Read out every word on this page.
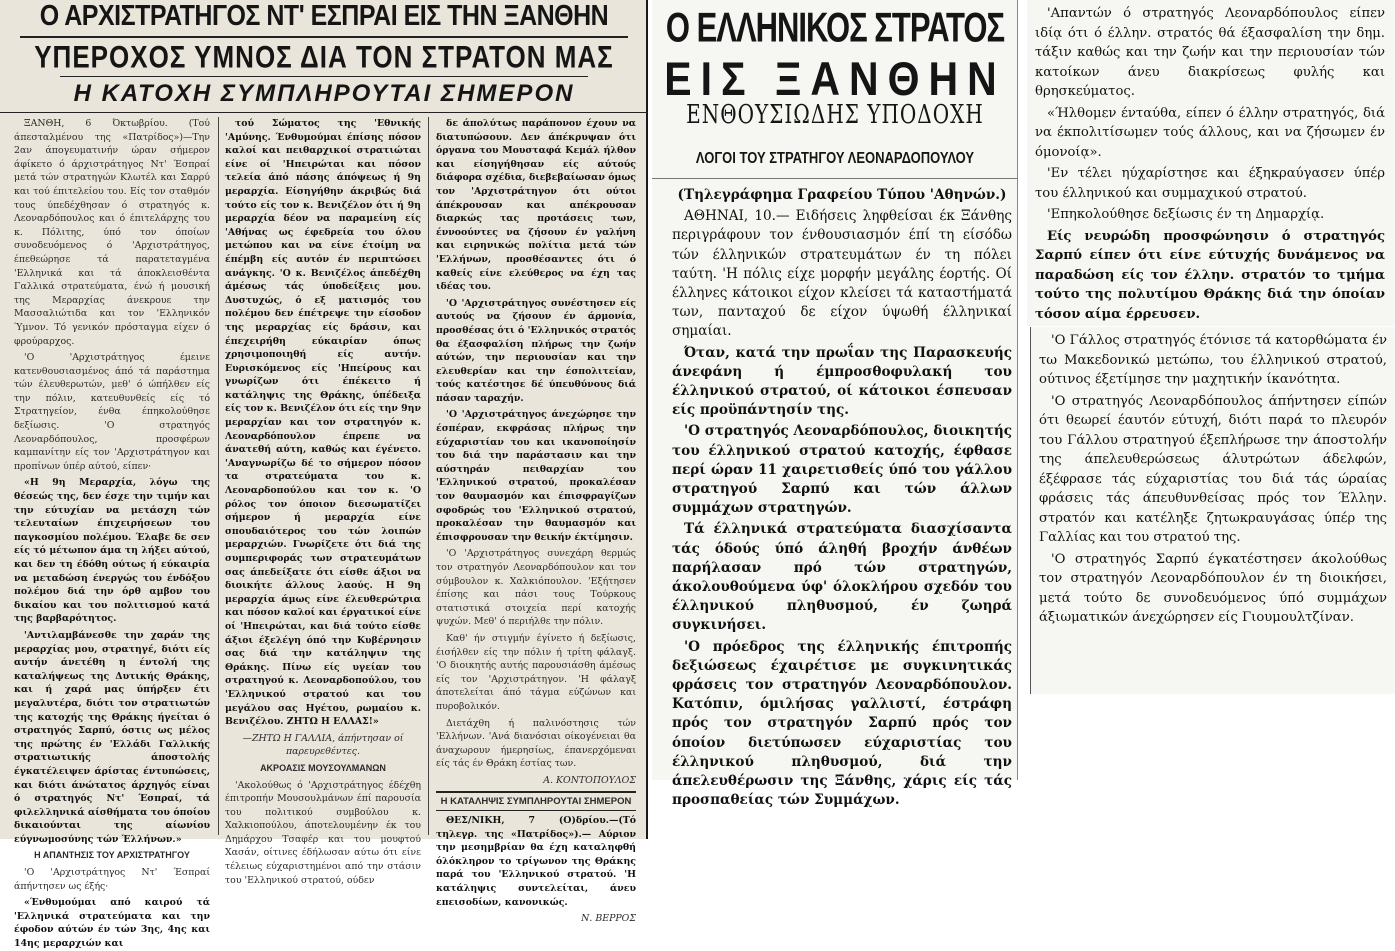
Ο ΑΡΧΙΣΤΡΑΤΗΓΟΣ ΝΤ' ΕΣΠΡΑΙ ΕΙΣ ΤΗΝ ΞΑΝΘΗΝ
ΥΠΕΡΟΧΟΣ ΥΜΝΟΣ ΔΙΑ ΤΟΝ ΣΤΡΑΤΟΝ ΜΑΣ
Η ΚΑΤΟΧΗ ΣΥΜΠΛΗΡΟΥΤΑΙ ΣΗΜΕΡΟΝ

ΞΑΝΘΗ, 6 Όκτωβρίου. (Τού άπεσταλμένου της «Πατρίδος»)—Την 2αν άπογευματινήν ώραν σήμερον άφίκετο ό άρχιστράτηγος Ντ' Έσπραί μετά τών στρατηγών Κλωτέλ και Σαρρύ και τού έπιτελείου του. Είς τον σταθμόν τους ύπεδέχθησαν ό στρατηγός κ. Λεοναρδόπουλος και ό έπιτελάρχης του κ. Πόλιτης, ύπό τον όποίων συνοδευόμενος ό 'Αρχιστράτηγος, έπεθεώρησε τά παρατεταγμένα 'Ελληνικά και τά άποκλεισθέντα Γαλλικά στρατεύματα, ένώ ή μουσική της Μεραρχίας άνεκρουε την Μασσαλιώτιδα και τον 'Ελληνικόν Ύμνον. Τό γενικόν πρόσταγμα είχεν ό φρούραρχος.

'Ο 'Αρχιστράτηγος έμεινε κατενθουσιασμένος άπό τά παράστημα τών έλευθερωτών, μεθ' ό ώπήλθεν είς την πόλιν, κατευθυνθείς είς τό Στρατηγείον, ένθα έπηκολούθησε δεξίωσις. 'Ο στρατηγός Λεοναρδόπουλος, προσφέρων καμπανίτην είς τον 'Αρχιστράτηγον και προπίνων ύπέρ αύτού, είπεν·

«Η 9η Μεραρχία, λόγω της θέσεώς της, δεν έσχε την τιμήν και την εύτυχίαν να μετάσχη τών τελευταίων έπιχειρήσεων του παγκοσμίου πολέμου. Έλαβε δε σεν είς τό μέτωπον άμα τη λήξει αύτού, και δεν τη έδόθη ούτως ή εύκαιρία να μεταδώση ένεργώς του ένδόξου πολέμου διά την όρθ αμβον του δικαίου και του πολιτισμού κατά της βαρβαρότητος.

'Αντιλαμβάνεσθε την χαράν της μεραρχίας μου, στρατηγέ, διότι είς αυτήν άνετέθη η έντολή της καταλήψεως της Δυτικής Θράκης, και ή χαρά μας ύπήρξεν έτι μεγαλυτέρα, διότι τον στρατιωτών της κατοχής της Θράκης ήγείται ό στρατηγός Σαρπύ, όστις ως μέλος της πρώτης έν 'Ελλάδι Γαλλικής στρατιωτικής άποστολής έγκατέλειψεν άρίστας έντυπώσεις, και διότι άνώτατος άρχηγός είναι ό στρατηγός Ντ' Έσπραί, τά φιλελληνικά αίσθήματα του όποίου δικαιούνται της αίωνίου εύγνωμοσύνης τών Έλλήνων.»

Η ΑΠΑΝΤΗΣΙΣ ΤΟΥ ΑΡΧΙΣΤΡΑΤΗΓΟΥ

'Ο 'Αρχιστράτηγος Ντ' Έσπραί άπήντησεν ως έξής·

«Ένθυμούμαι από καιρού τά 'Ελληνικά στρατεύματα και την έφοδον αύτών έν τών 3ης, 4ης και 14ης μεραρχιών και

τού Σώματος της 'Εθνικής 'Αμύνης. Ένθυμούμαι έπίσης πόσον καλοί και πειθαρχικοί στρατιώται είνε οί 'Ηπειρώται και πόσον τελεία άπό πάσης άπόψεως ή 9η μεραρχία. Είσηγήθην άκριβώς διά τούτο είς τον κ. Βενιζέλον ότι ή 9η μεραρχία δέον να παραμείνη είς 'Αθήνας ως έφεδρεία του όλου μετώπου και να είνε έτοίμη να έπέμβη είς αυτόν έν περιπτώσει ανάγκης. 'Ο κ. Βενιζέλος άπεδέχθη άμέσως τάς ύποδείξεις μου. Δυστυχώς, ό εξ ματισμός του πολέμου δεν έπέτρεψε την είσοδον της μεραρχίας είς δράσιν, και έπεχειρήθη εύκαιρίαν όπως χρησιμοποιηθή είς αυτήν. Ευρισκόμενος είς 'Ηπείρους και γνωρίζων ότι έπέκειτο ή κατάληψις της Θράκης, ύπέδειξα είς τον κ. Βενιζέλον ότι είς την 9ην μεραρχίαν και τον στρατηγόν κ. Λεοναρδόπουλον έπρεπε να άνατεθή αύτη, καθώς και έγένετο. 'Αναγνωρίζω δέ το σήμερον πόσον τα στρατεύματα του κ. Λεοναρδοπούλου και τον κ. 'Ο ρόλος τον όποιον διεσωματίζει σήμερον ή μεραρχία είνε σπουδαιότερος του τών λοιπών μεραρχιών. Γνωρίζετε ότι διά της συμπεριφοράς των στρατευμάτων σας άπεδείξατε ότι είσθε άξιοι να διοικήτε άλλους λαούς. Η 9η μεραρχία άμως είνε έλευθερώτρια και πόσον καλοί και έργατικοί είνε οί 'Ηπειρώται, και διά τούτο είσθε άξιοι έξελέγη όπό την Κυβέρνησιν σας διά την κατάληψιν της Θράκης. Πίνω είς υγείαν του στρατηγού κ. Λεοναρδοπούλου, του 'Ελληνικού στρατού και του μεγάλου σας Ηγέτου, ρωμαίου κ. Βενιζέλου. ΖΗΤΩ Η ΕΛΛΑΣ!»

—ΖΗΤΩ Η ΓΑΛΛΙΑ, άπήντησαν οί παρευρεθέντες.

ΑΚΡΟΑΣΙΣ ΜΟΥΣΟΥΛΜΑΝΩΝ

'Ακολούθως ό 'Αρχιστράτηγος έδέχθη έπιτροπήν Μουσουλμάνων έπί παρουσία του πολιτικού συμβούλου κ. Χαλκιοπούλου, άποτελουμένην έκ του Δημάρχου Τσαφέρ και του μουφτού Χασάν, οίτινες έδήλωσαν αύτω ότι είνε τέλειως εύχαριστημένοι από την στάσιν του 'Ελληνικού στρατού, ούδεν

δε άπολύτως παράπονον έχουν να διατυπώσουν. Δεν άπέκρυψαν ότι όργανα του Μουσταφά Κεμάλ ήλθον και είσηγήθησαν είς αύτούς διάφορα σχέδια, διεβεβαίωσαν όμως τον 'Αρχιστράτηγον ότι ούτοι άπέκρουσαν και απέκρουσαν διαρκώς τας προτάσεις των, έννοούντες να ζήσουν έν γαλήνη και ειρηνικώς πολίτια μετά τών 'Ελλήνων, προσθέσαντες ότι ό καθείς είνε ελεύθερος να έχη τας ιδέας του.

'Ο 'Αρχιστράτηγος συνέστησεν είς αυτούς να ζήσουν έν άρμονία, προσθέσας ότι ό 'Ελληνικός στρατός θα έξασφαλίση πλήρως την ζωήν αύτών, την περιουσίαν και την ελευθερίαν και την έσπολιτείαν, τούς κατέστησε δέ ύπευθύνους διά πάσαν ταραχήν.

'Ο 'Αρχιστράτηγος άνεχώρησε την έσπέραν, εκφράσας πλήρως την εύχαριστίαν του και ικανοποίησίν του διά την παράστασιν και την αύστηράν πειθαρχίαν του 'Ελληνικού στρατού, προκαλέσαν τον θαυμασμόν και έπισφραγίζων σφοδρώς του 'Ελληνικού στρατού, προκαλέσαν την θαυμασμόν και έπισφρουσαν την θεικήν έκτίμησιν.

'Ο 'Αρχιστράτηγος συνεχάρη θερμώς τον στρατηγόν Λεοναρδόπουλον και τον σύμβουλον κ. Χαλκιόπουλον. 'Εξήτησεν έπίσης και πάσι τους Τούρκους στατιστικά στοιχεία περί κατοχής ψυχών. Μεθ' ό περιήλθε την πόλιν.

Καθ' ήν στιγμήν έγίνετο ή δεξίωσις, έισήλθεν είς την πόλιν ή τρίτη φάλαγξ. 'Ο διοικητής αυτής παρουσιάσθη άμέσως είς τον 'Αρχιστράτηγον. 'Η φάλαγξ άποτελείται άπό τάγμα εύζώνων και πυροβολικόν.

Διετάχθη ή παλινόστησις τών 'Ελλήνων. 'Ανά διανόσιαι οίκογένειαι θα άναχωρουν ήμερησίως, έπανερχόμεναι είς τάς έν Θράκη έστίας των.

Α. ΚΟΝΤΟΠΟΥΛΟΣ

Η ΚΑΤΑΛΗΨΙΣ ΣΥΜΠΛΗΡΟΥΤΑΙ ΣΗΜΕΡΟΝ

ΘΕΣ/ΝΙΚΗ, 7 (Ο)δρίου.—(Τό τηλεγρ. της «Πατρίδος»).— Αύριον την μεσημβρίαν θα έχη καταληφθή όλόκληρον το τρίγωνον της Θράκης παρά του 'Ελληνικού στρατού. 'Η κατάληψις συντελείται, άνευ επεισοδίων, κανονικώς.

Ν. ΒΕΡΡΟΣ

Ο ΕΛΛΗΝΙΚΟΣ ΣΤΡΑΤΟΣ
ΕΙΣ ΞΑΝΘΗΝ
ΕΝΘΟΥΣΙΩΔΗΣ ΥΠΟΔΟΧΗ
ΛΟΓΟΙ ΤΟΥ ΣΤΡΑΤΗΓΟΥ ΛΕΟΝΑΡΔΟΠΟΥΛΟΥ

(Τηλεγράφημα Γραφείου Τύπου 'Αθηνών.)

ΑΘΗΝΑΙ, 10.— Ειδήσεις ληφθείσαι έκ Ξάνθης περιγράφουν τον ένθουσιασμόν έπί τη είσόδω τών έλληνικών στρατευμάτων έν τη πόλει ταύτη. 'Η πόλις είχε μορφήν μεγάλης έορτής. Οί έλληνες κάτοικοι είχον κλείσει τά καταστήματά των, πανταχού δε είχον ύψωθή έλληνικαί σημαίαι.

Όταν, κατά την πρωΐαν της Παρασκευής άνεφάνη ή έμπροσθοφυλακή του έλληνικού στρατού, οί κάτοικοι έσπευσαν είς προϋπάντησίν της.

'Ο στρατηγός Λεοναρδόπουλος, διοικητής του έλληνικού στρατού κατοχής, έφθασε περί ώραν 11 χαιρετισθείς ύπό του γάλλου στρατηγού Σαρπύ και τών άλλων συμμάχων στρατηγών.

Τά έλληνικά στρατεύματα διασχίσαντα τάς όδούς ύπό άληθή βροχήν άνθέων παρήλασαν πρό τών στρατηγών, άκολουθούμενα ύφ' όλοκλήρου σχεδόν του έλληνικού πληθυσμού, έν ζωηρά συγκινήσει.

'Ο πρόεδρος της έλληνικής έπιτροπής δεξιώσεως έχαιρέτισε με συγκινητικάς φράσεις τον στρατηγόν Λεοναρδόπουλον. Κατόπιν, όμιλήσας γαλλιστί, έστράφη πρός τον στρατηγόν Σαρπύ πρός τον όποίον διετύπωσεν εύχαριστίας του έλληνικού πληθυσμού, διά την άπελευθέρωσιν της Ξάνθης, χάρις είς τάς προσπαθείας τών Συμμάχων.

'Απαντών ό στρατηγός Λεοναρδόπουλος είπεν ιδίᾳ ότι ό έλλην. στρατός θά έξασφαλίση την δημ. τάξιν καθώς και την ζωήν και την περιουσίαν τών κατοίκων άνευ διακρίσεως φυλής και θρησκεύματος.

«Ήλθομεν ένταύθα, είπεν ό έλλην στρατηγός, διά να έκπολιτίσωμεν τούς άλλους, και να ζήσωμεν έν όμονοίᾳ».

'Εν τέλει ηύχαρίστησε και έξηκραύγασεν ύπέρ του έλληνικού και συμμαχικού στρατού.

'Επηκολούθησε δεξίωσις έν τη Δημαρχίᾳ.

Είς νευρώδη προσφώνησιν ό στρατηγός Σαρπύ είπεν ότι είνε εύτυχής δυνάμενος να παραδώση είς τον έλλην. στρατόν το τμήμα τούτο της πολυτίμου Θράκης διά την όποίαν τόσον αίμα έρρευσεν.

'Ο Γάλλος στρατηγός έτόνισε τά κατορθώματα έν τω Μακεδονικώ μετώπω, του έλληνικού στρατού, ούτινος έξετίμησε την μαχητικήν ίκανότητα.

'Ο στρατηγός Λεοναρδόπουλος άπήντησεν είπών ότι θεωρεί έαυτόν εύτυχή, διότι παρά το πλευρόν του Γάλλου στρατηγού έξεπλήρωσε την άποστολήν της άπελευθερώσεως άλυτρώτων άδελφών, έξέφρασε τάς εύχαριστίας του διά τάς ώραίας φράσεις τάς άπευθυνθείσας πρός τον Έλλην. στρατόν και κατέληξε ζητωκραυγάσας ύπέρ της Γαλλίας και του στρατού της.

'Ο στρατηγός Σαρπύ έγκατέστησεν άκολούθως τον στρατηγόν Λεοναρδόπουλον έν τη διοικήσει, μετά τούτο δε συνοδευόμενος ύπό συμμάχων άξιωματικών άνεχώρησεν είς Γιουμουλτζίναν.
